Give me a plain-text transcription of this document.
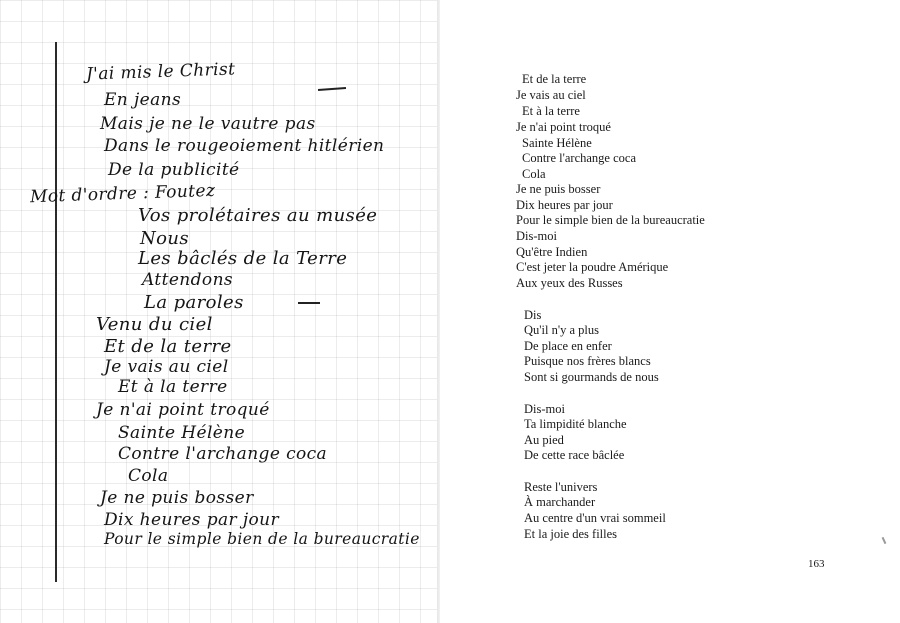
J'ai mis le Christ
En jeans
Mais je ne le vautre pas
Dans le rougeoiement hitlérien
De la publicité
Mot d'ordre : Foutez
Vos prolétaires au musée
Nous
Les bâclés de la Terre
Attendons
La paroles
Venu du ciel
Et de la terre
Je vais au ciel
Et à la terre
Je n'ai point troqué
Sainte Hélène
Contre l'archange coca
Cola
Je ne puis bosser
Dix heures par jour
Pour le simple bien de la bureaucratie
Et de la terre
Je vais au ciel
Et à la terre
Je n'ai point troqué
Sainte Hélène
Contre l'archange coca
Cola
Je ne puis bosser
Dix heures par jour
Pour le simple bien de la bureaucratie
Dis-moi
Qu'être Indien
C'est jeter la poudre Amérique
Aux yeux des Russes
Dis
Qu'il n'y a plus
De place en enfer
Puisque nos frères blancs
Sont si gourmands de nous
Dis-moi
Ta limpidité blanche
Au pied
De cette race bâclée
Reste l'univers
À marchander
Au centre d'un vrai sommeil
Et la joie des filles
163
